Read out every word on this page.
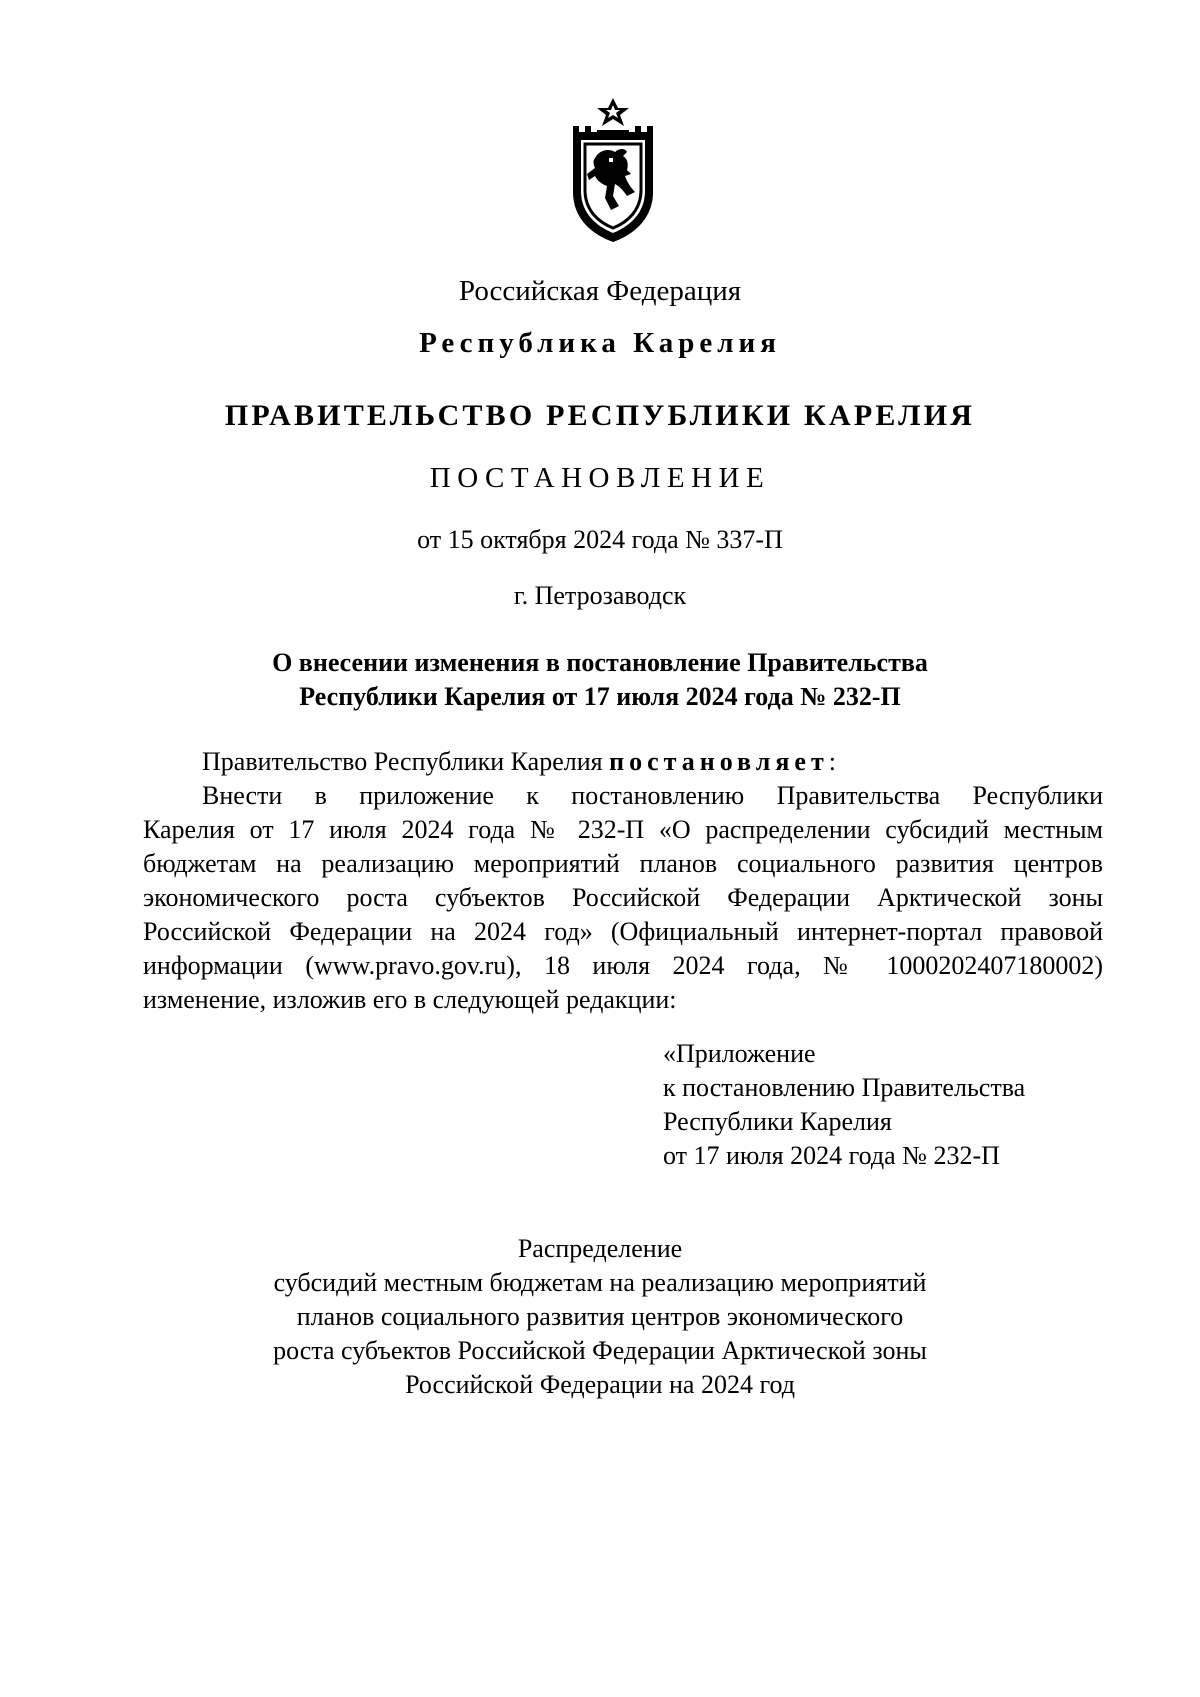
Российская Федерация
Республика Карелия
ПРАВИТЕЛЬСТВО РЕСПУБЛИКИ КАРЕЛИЯ
ПОСТАНОВЛЕНИЕ
от 15 октября 2024 года № 337-П
г. Петрозаводск
О внесении изменения в постановление Правительства
Республики Карелия от 17 июля 2024 года № 232-П
Правительство Республики Карелия постановляет:
Внести в приложение к постановлению Правительства Республики
Карелия от 17 июля 2024 года № 232-П «О распределении субсидий местным
бюджетам на реализацию мероприятий планов социального развития центров
экономического роста субъектов Российской Федерации Арктической зоны
Российской Федерации на 2024 год» (Официальный интернет-портал правовой
информации (www.pravo.gov.ru), 18 июля 2024 года, № 1000202407180002)
изменение, изложив его в следующей редакции:
«Приложение
к постановлению Правительства
Республики Карелия
от 17 июля 2024 года № 232-П
Распределение
субсидий местным бюджетам на реализацию мероприятий
планов социального развития центров экономического
роста субъектов Российской Федерации Арктической зоны
Российской Федерации на 2024 год
